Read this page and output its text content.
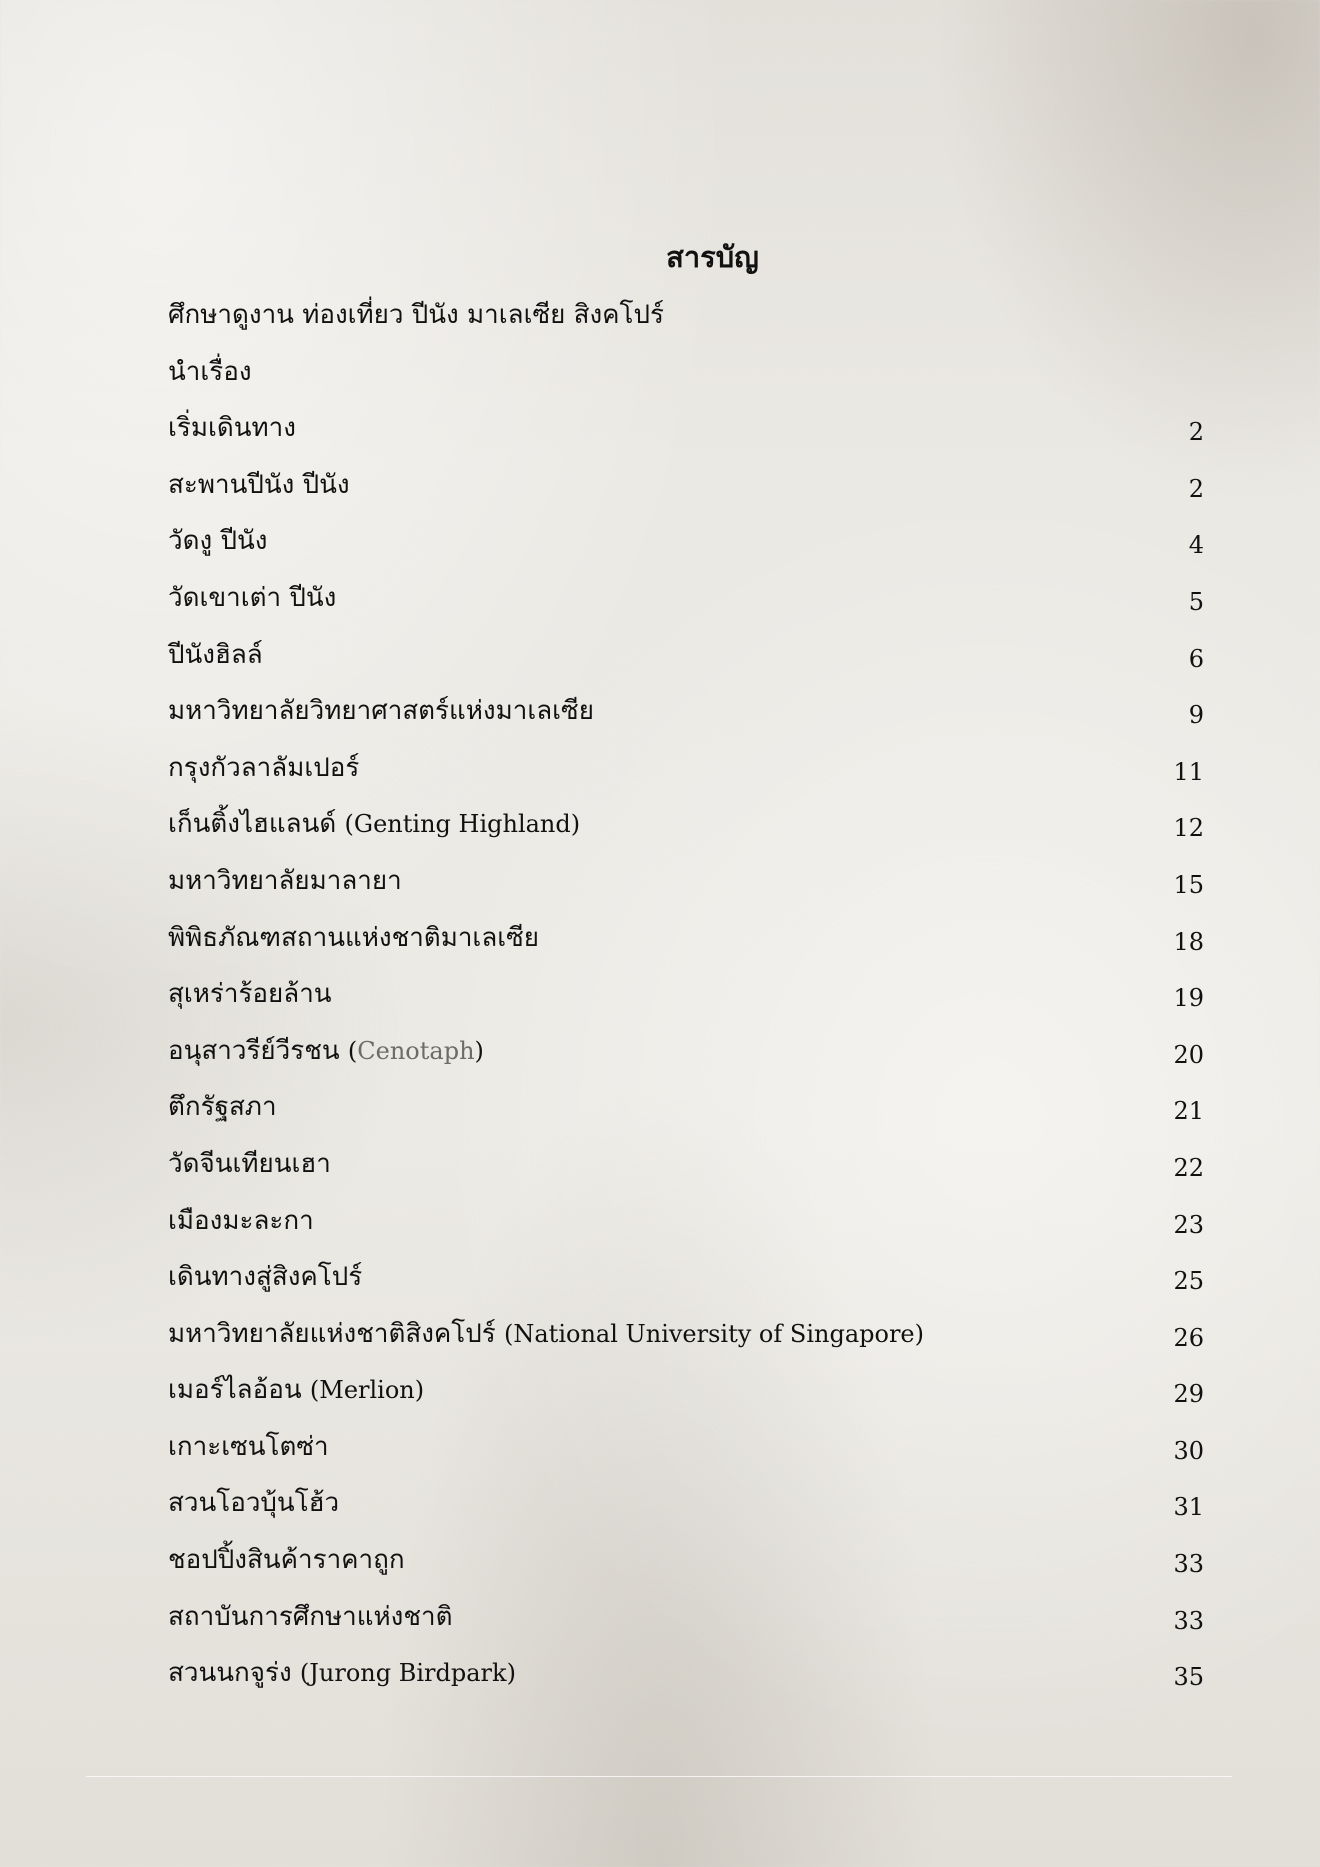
สารบัญ
ศึกษาดูงาน ท่องเที่ยว ปีนัง มาเลเซีย สิงคโปร์
นำเรื่อง
เริ่มเดินทาง	2
สะพานปีนัง ปีนัง	2
วัดงู ปีนัง	4
วัดเขาเต่า ปีนัง	5
ปีนังฮิลล์	6
มหาวิทยาลัยวิทยาศาสตร์แห่งมาเลเซีย	9
กรุงกัวลาลัมเปอร์	11
เก็นติ้งไฮแลนด์ (Genting Highland)	12
มหาวิทยาลัยมาลายา	15
พิพิธภัณฑสถานแห่งชาติมาเลเซีย	18
สุเหร่าร้อยล้าน	19
อนุสาวรีย์วีรชน (Cenotaph)	20
ตึกรัฐสภา	21
วัดจีนเทียนเฮา	22
เมืองมะละกา	23
เดินทางสู่สิงคโปร์	25
มหาวิทยาลัยแห่งชาติสิงคโปร์ (National University of Singapore)	26
เมอร์ไลอ้อน (Merlion)	29
เกาะเซนโตซ่า	30
สวนโอวบุ้นโฮ้ว	31
ชอปปิ้งสินค้าราคาถูก	33
สถาบันการศึกษาแห่งชาติ	33
สวนนกจูร่ง (Jurong Birdpark)	35
